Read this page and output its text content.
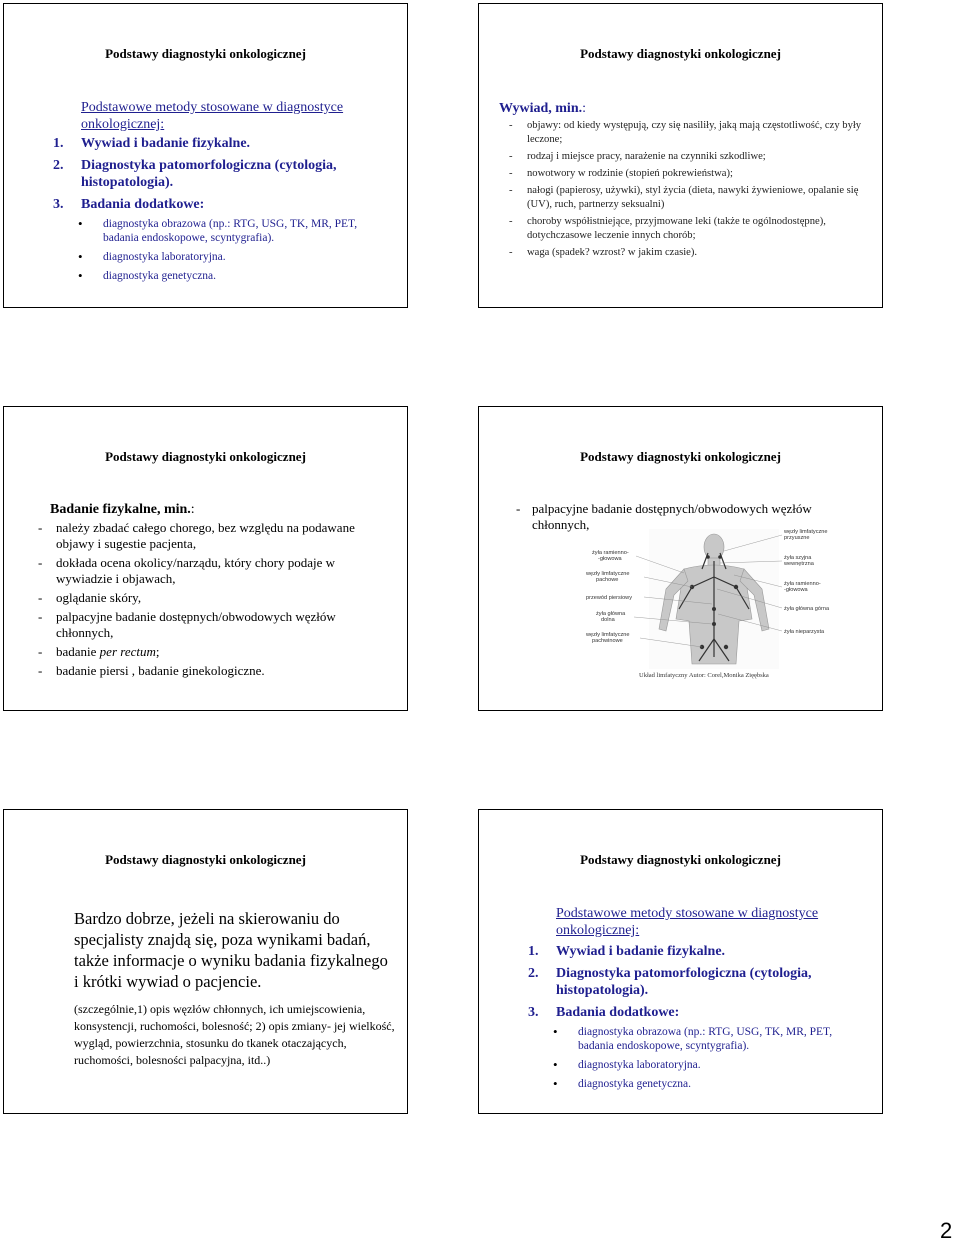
Podstawy diagnostyki onkologicznej

Podstawowe metody stosowane w diagnostyce onkologicznej:

1. Wywiad i badanie fizykalne.

2. Diagnostyka patomorfologiczna (cytologia, histopatologia).

3. Badania dodatkowe:

• diagnostyka obrazowa (np.: RTG, USG, TK, MR, PET, badania endoskopowe, scyntygrafia).

• diagnostyka laboratoryjna.

• diagnostyka genetyczna.

Podstawy diagnostyki onkologicznej

Wywiad, min.:

- objawy: od kiedy występują, czy się nasiliły, jaką mają częstotliwość, czy były leczone;
- rodzaj i miejsce pracy, narażenie na czynniki szkodliwe;
- nowotwory w rodzinie (stopień pokrewieństwa);
- nałogi (papierosy, używki), styl życia (dieta, nawyki żywieniowe, opalanie się (UV), ruch, partnerzy seksualni)
- choroby współistniejące, przyjmowane leki (także te ogólnodostępne), dotychczasowe leczenie innych chorób;
- waga (spadek? wzrost? w jakim czasie).
Podstawy diagnostyki onkologicznej

Badanie fizykalne, min.:

- należy zbadać całego chorego, bez względu na podawane objawy i sugestie pacjenta,
- dokłada ocena okolicy/narządu, który chory podaje w wywiadzie i objawach,
- oglądanie skóry,
- palpacyjne badanie dostępnych/obwodowych węzłów chłonnych,
- badanie per rectum;
- badanie piersi , badanie ginekologiczne.
Podstawy diagnostyki onkologicznej
- palpacyjne badanie dostępnych/obwodowych węzłów chłonnych,
żyła ramienno-
-głowowa
węzły limfatyczne
pachowe
przewód piersiowy
żyła główna
dolna
węzły limfatyczne
pachwinowe
węzły limfatyczne
przyuszne
żyła szyjna
wewnętrzna
żyła ramienno-
-głowowa
żyła główna górna
żyła nieparzysta
Układ limfatyczny Autor: Corel,Monika Zięębska
Podstawy diagnostyki onkologicznej

Bardzo dobrze, jeżeli na skierowaniu do specjalisty znajdą się, poza wynikami badań, także informacje o wyniku badania fizykalnego i krótki wywiad o pacjencie.

(szczególnie,1) opis węzłów chłonnych, ich umiejscowienia, konsystencji, ruchomości, bolesność; 2) opis zmiany- jej wielkość, wygląd, powierzchnia, stosunku do tkanek otaczających, ruchomości, bolesności palpacyjna, itd..)

Podstawy diagnostyki onkologicznej

Podstawowe metody stosowane w diagnostyce onkologicznej:

1. Wywiad i badanie fizykalne.

2. Diagnostyka patomorfologiczna (cytologia, histopatologia).

3. Badania dodatkowe:

• diagnostyka obrazowa (np.: RTG, USG, TK, MR, PET, badania endoskopowe, scyntygrafia).

• diagnostyka laboratoryjna.

• diagnostyka genetyczna.

2
